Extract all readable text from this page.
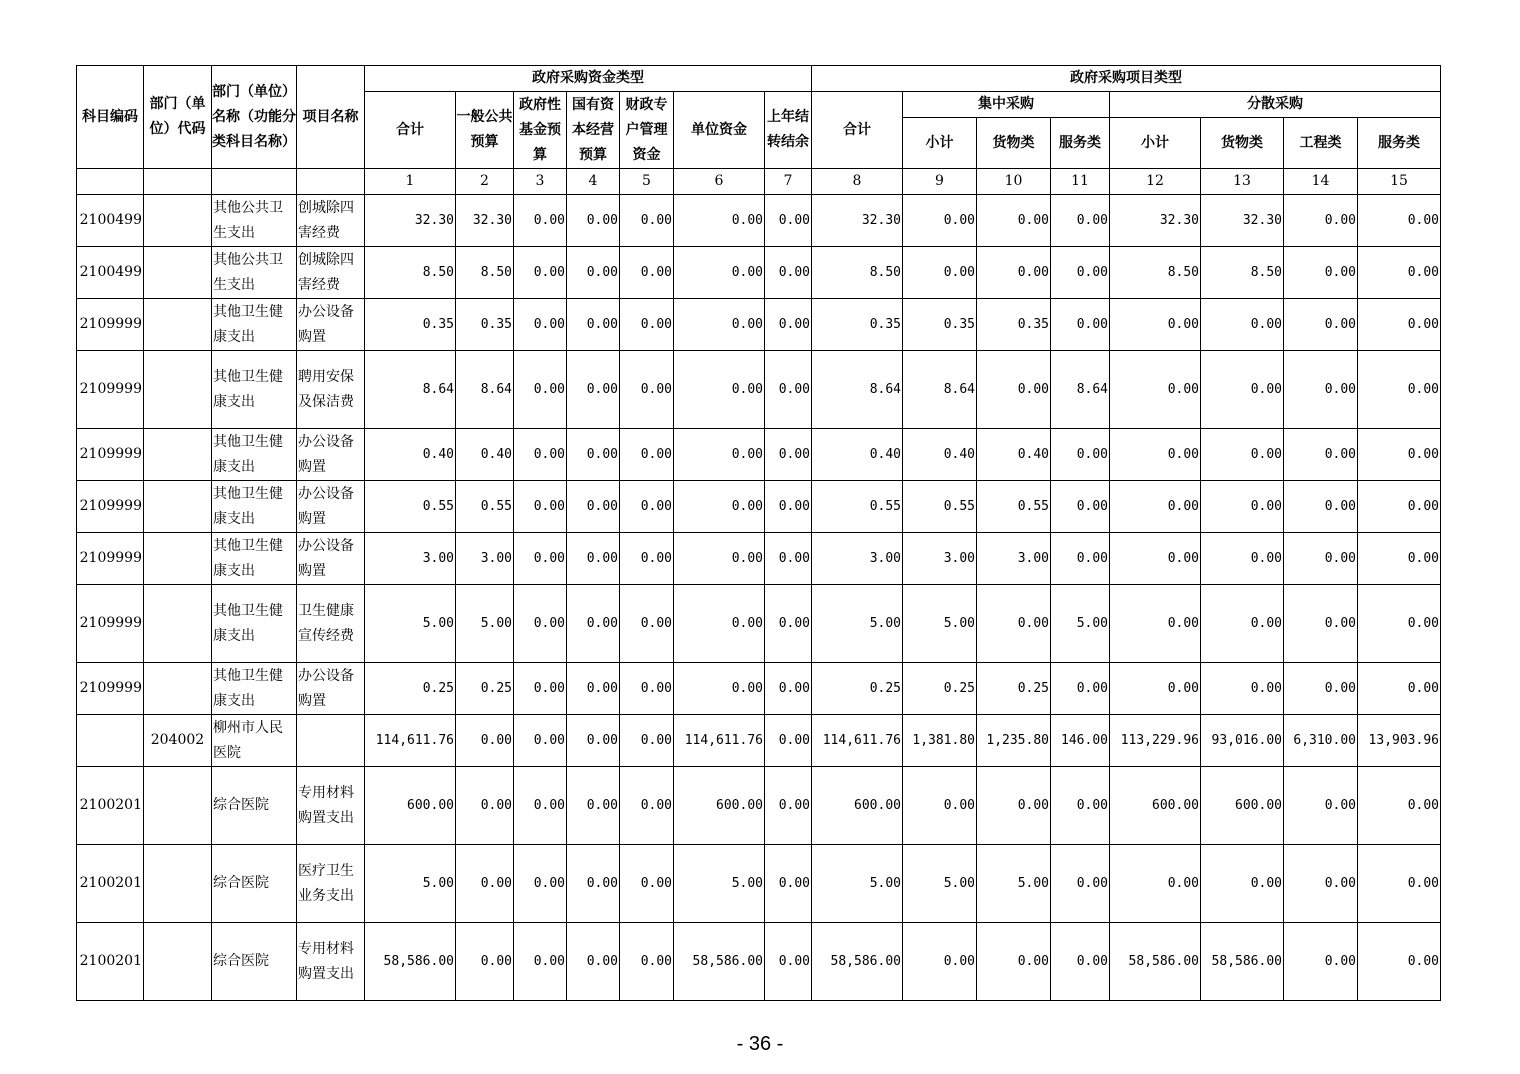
科目编码	部门（单位）代码	部门（单位）名称（功能分类科目名称）	项目名称	政府采购资金类型							政府采购项目类型							
				合计	一般公共预算	政府性基金预算	国有资本经营预算	财政专户管理资金	单位资金	上年结转结余	合计	集中采购			分散采购			
												小计	货物类	服务类	小计	货物类	工程类	服务类
				1	2	3	4	5	6	7	8	9	10	11	12	13	14	15
2100499		其他公共卫生支出	创城除四害经费	32.30	32.30	0.00	0.00	0.00	0.00	0.00	32.30	0.00	0.00	0.00	32.30	32.30	0.00	0.00
2100499		其他公共卫生支出	创城除四害经费	8.50	8.50	0.00	0.00	0.00	0.00	0.00	8.50	0.00	0.00	0.00	8.50	8.50	0.00	0.00
2109999		其他卫生健康支出	办公设备购置	0.35	0.35	0.00	0.00	0.00	0.00	0.00	0.35	0.35	0.35	0.00	0.00	0.00	0.00	0.00
2109999		其他卫生健康支出	聘用安保及保洁费	8.64	8.64	0.00	0.00	0.00	0.00	0.00	8.64	8.64	0.00	8.64	0.00	0.00	0.00	0.00
2109999		其他卫生健康支出	办公设备购置	0.40	0.40	0.00	0.00	0.00	0.00	0.00	0.40	0.40	0.40	0.00	0.00	0.00	0.00	0.00
2109999		其他卫生健康支出	办公设备购置	0.55	0.55	0.00	0.00	0.00	0.00	0.00	0.55	0.55	0.55	0.00	0.00	0.00	0.00	0.00
2109999		其他卫生健康支出	办公设备购置	3.00	3.00	0.00	0.00	0.00	0.00	0.00	3.00	3.00	3.00	0.00	0.00	0.00	0.00	0.00
2109999		其他卫生健康支出	卫生健康宣传经费	5.00	5.00	0.00	0.00	0.00	0.00	0.00	5.00	5.00	0.00	5.00	0.00	0.00	0.00	0.00
2109999		其他卫生健康支出	办公设备购置	0.25	0.25	0.00	0.00	0.00	0.00	0.00	0.25	0.25	0.25	0.00	0.00	0.00	0.00	0.00
	204002	柳州市人民医院		114,611.76	0.00	0.00	0.00	0.00	114,611.76	0.00	114,611.76	1,381.80	1,235.80	146.00	113,229.96	93,016.00	6,310.00	13,903.96
2100201		综合医院	专用材料购置支出	600.00	0.00	0.00	0.00	0.00	600.00	0.00	600.00	0.00	0.00	0.00	600.00	600.00	0.00	0.00
2100201		综合医院	医疗卫生业务支出	5.00	0.00	0.00	0.00	0.00	5.00	0.00	5.00	5.00	5.00	0.00	0.00	0.00	0.00	0.00
2100201		综合医院	专用材料购置支出	58,586.00	0.00	0.00	0.00	0.00	58,586.00	0.00	58,586.00	0.00	0.00	0.00	58,586.00	58,586.00	0.00	0.00
- 36 -
